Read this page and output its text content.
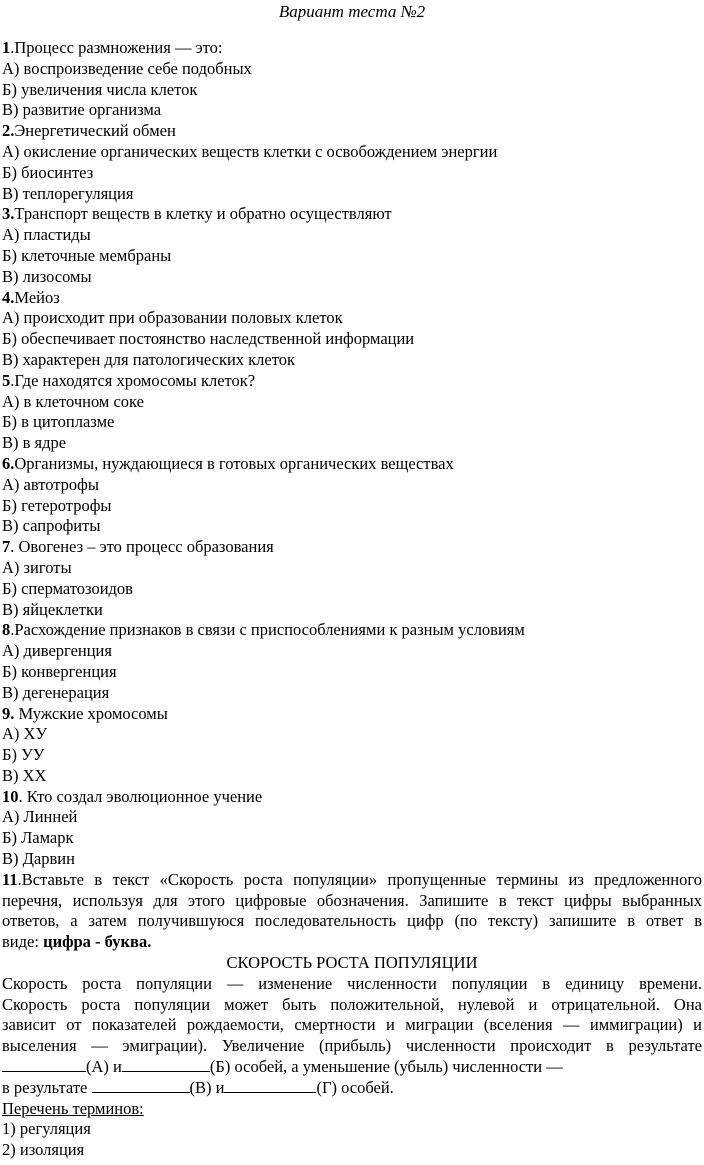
Вариант теста №2
1.Процесс размножения — это:
А) воспроизведение себе подобных
Б) увеличения числа клеток
В) развитие организма
2.Энергетический обмен
А) окисление органических веществ клетки с освобождением энергии
Б) биосинтез
В) теплорегуляция
3.Транспорт веществ в клетку и обратно осуществляют
А) пластиды
Б) клеточные мембраны
В) лизосомы
4.Мейоз
А) происходит при образовании половых клеток
Б) обеспечивает постоянство наследственной информации
В) характерен для патологических клеток
5.Где находятся хромосомы клеток?
А) в клеточном соке
Б) в цитоплазме
В) в ядре
6.Организмы, нуждающиеся в готовых органических веществах
А) автотрофы
Б) гетеротрофы
В) сапрофиты
7. Овогенез – это процесс образования
А) зиготы
Б) сперматозоидов
В) яйцеклетки
8.Расхождение признаков в связи с приспособлениями к разным условиям
А) дивергенция
Б) конвергенция
В) дегенерация
9. Мужские хромосомы
А) ХУ
Б) УУ
В) ХХ
10. Кто создал эволюционное учение
А) Линней
Б) Ламарк
В) Дарвин
11.Вставьте в текст «Скорость роста популяции» пропущенные термины из предложенного
перечня, используя для этого цифровые обозначения. Запишите в текст цифры выбранных
ответов, а затем получившуюся последовательность цифр (по тексту) запишите в ответ в
виде: цифра - буква.
СКОРОСТЬ РОСТА ПОПУЛЯЦИИ
Скорость роста популяции — изменение численности популяции в единицу времени.
Скорость роста популяции может быть положительной, нулевой и отрицательной. Она
зависит от показателей рождаемости, смертности и миграции (вселения — иммиграции) и
выселения — эмиграции). Увеличение (прибыль) численности происходит в результате
(А) и	(Б) особей, а уменьшение (убыль) численности —
в результате	(В) и	(Г) особей.
Перечень терминов:
1) регуляция
2) изоляция
